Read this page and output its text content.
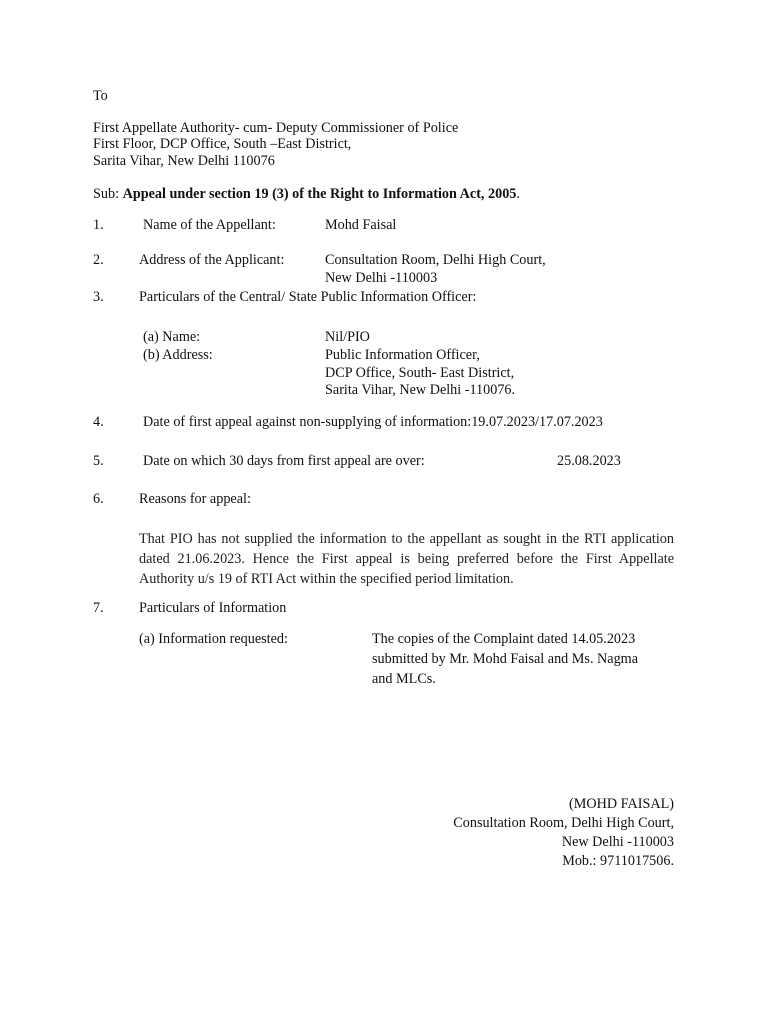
To
First Appellate Authority- cum- Deputy Commissioner of Police
First Floor, DCP Office, South –East District,
Sarita Vihar, New Delhi 110076
Sub: Appeal under section 19 (3) of the Right to Information Act, 2005.
1.	Name of the Appellant:	Mohd Faisal
2. Address of the Applicant:	Consultation Room, Delhi High Court,
New Delhi -110003
3. Particulars of the Central/ State Public Information Officer:
(a) Name:	Nil/PIO
(b) Address:	Public Information Officer,
DCP Office, South- East District,
Sarita Vihar, New Delhi -110076.
4.	Date of first appeal against non-supplying of information:19.07.2023/17.07.2023
5.	Date on which 30 days from first appeal are over:	25.08.2023
6. Reasons for appeal:
That PIO has not supplied the information to the appellant as sought in the RTI application dated 21.06.2023. Hence the First appeal is being preferred before the First Appellate Authority u/s 19 of RTI Act within the specified period limitation.
7. Particulars of Information
(a) Information requested:	The copies of the Complaint dated 14.05.2023
submitted by Mr. Mohd Faisal and Ms. Nagma
and MLCs.
(MOHD FAISAL)
Consultation Room, Delhi High Court,
New Delhi -110003
Mob.: 9711017506.
